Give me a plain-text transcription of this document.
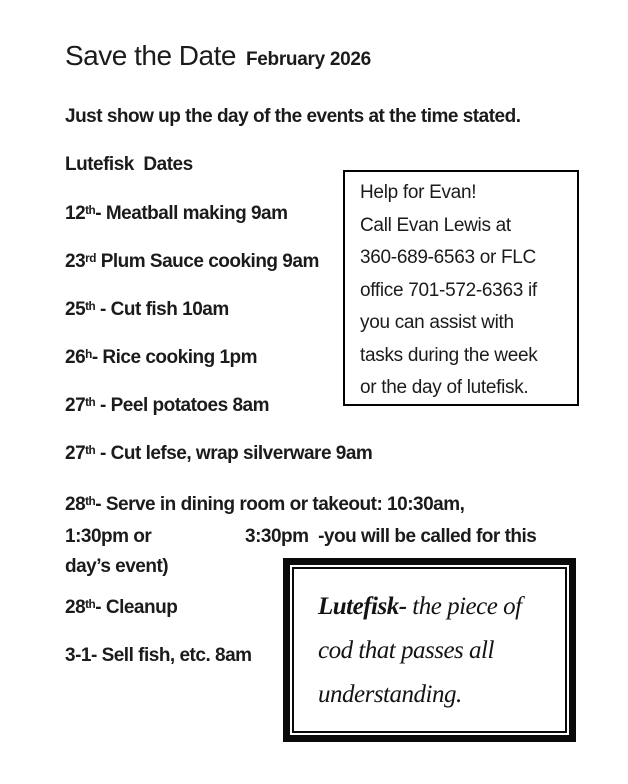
Save the Date February 2026
Just show up the day of the events at the time stated.
Lutefisk  Dates
12th- Meatball making 9am
23rd Plum Sauce cooking 9am
25th - Cut fish 10am
26$^h$- Rice cooking 1pm
27th - Peel potatoes 8am
27th - Cut lefse, wrap silverware 9am
28th- Serve in dining room or takeout: 10:30am,
1:30pm or	3:30pm  -you will be called for this
day’s event)
28th- Cleanup
3-1- Sell fish, etc. 8am
Help for Evan!
Call Evan Lewis at
360-689-6563 or FLC
office 701-572-6363 if
you can assist with
tasks during the week
or the day of lutefisk.
Lutefisk- the piece of
cod that passes all
understanding.
